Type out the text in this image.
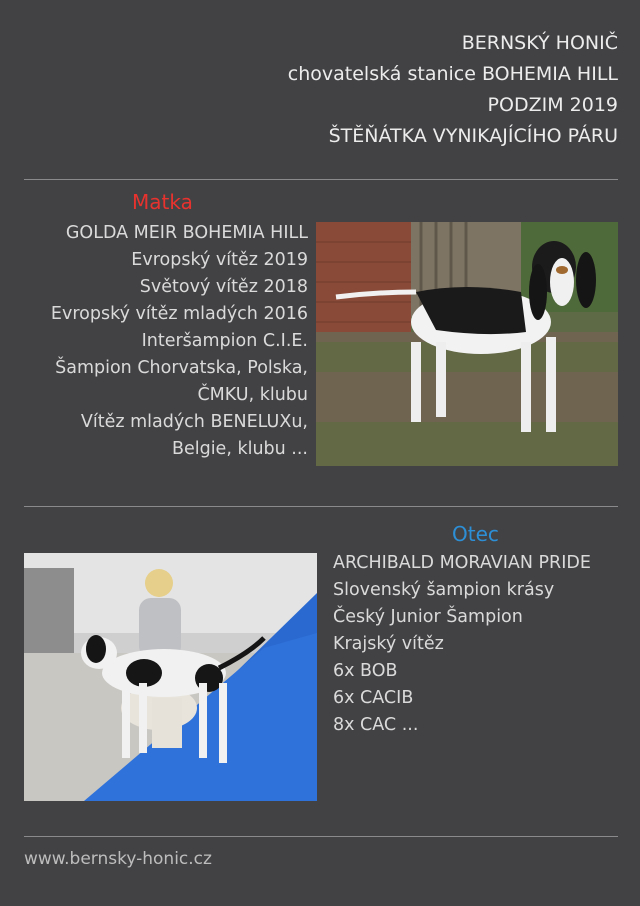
BERNSKÝ HONIČ
chovatelská stanice BOHEMIA HILL
PODZIM 2019
ŠTĚŇÁTKA VYNIKAJÍCÍHO PÁRU
Matka
GOLDA MEIR BOHEMIA HILL
Evropský vítěz 2019
Světový vítěz 2018
Evropský vítěz mladých 2016
Interšampion C.I.E.
Šampion Chorvatska, Polska,
ČMKU, klubu
Vítěz mladých BENELUXu,
Belgie, klubu ...
Otec
ARCHIBALD MORAVIAN PRIDE
Slovenský šampion krásy
Český Junior Šampion
Krajský vítěz
6x BOB
6x CACIB
8x CAC ...
www.bernsky-honic.cz
